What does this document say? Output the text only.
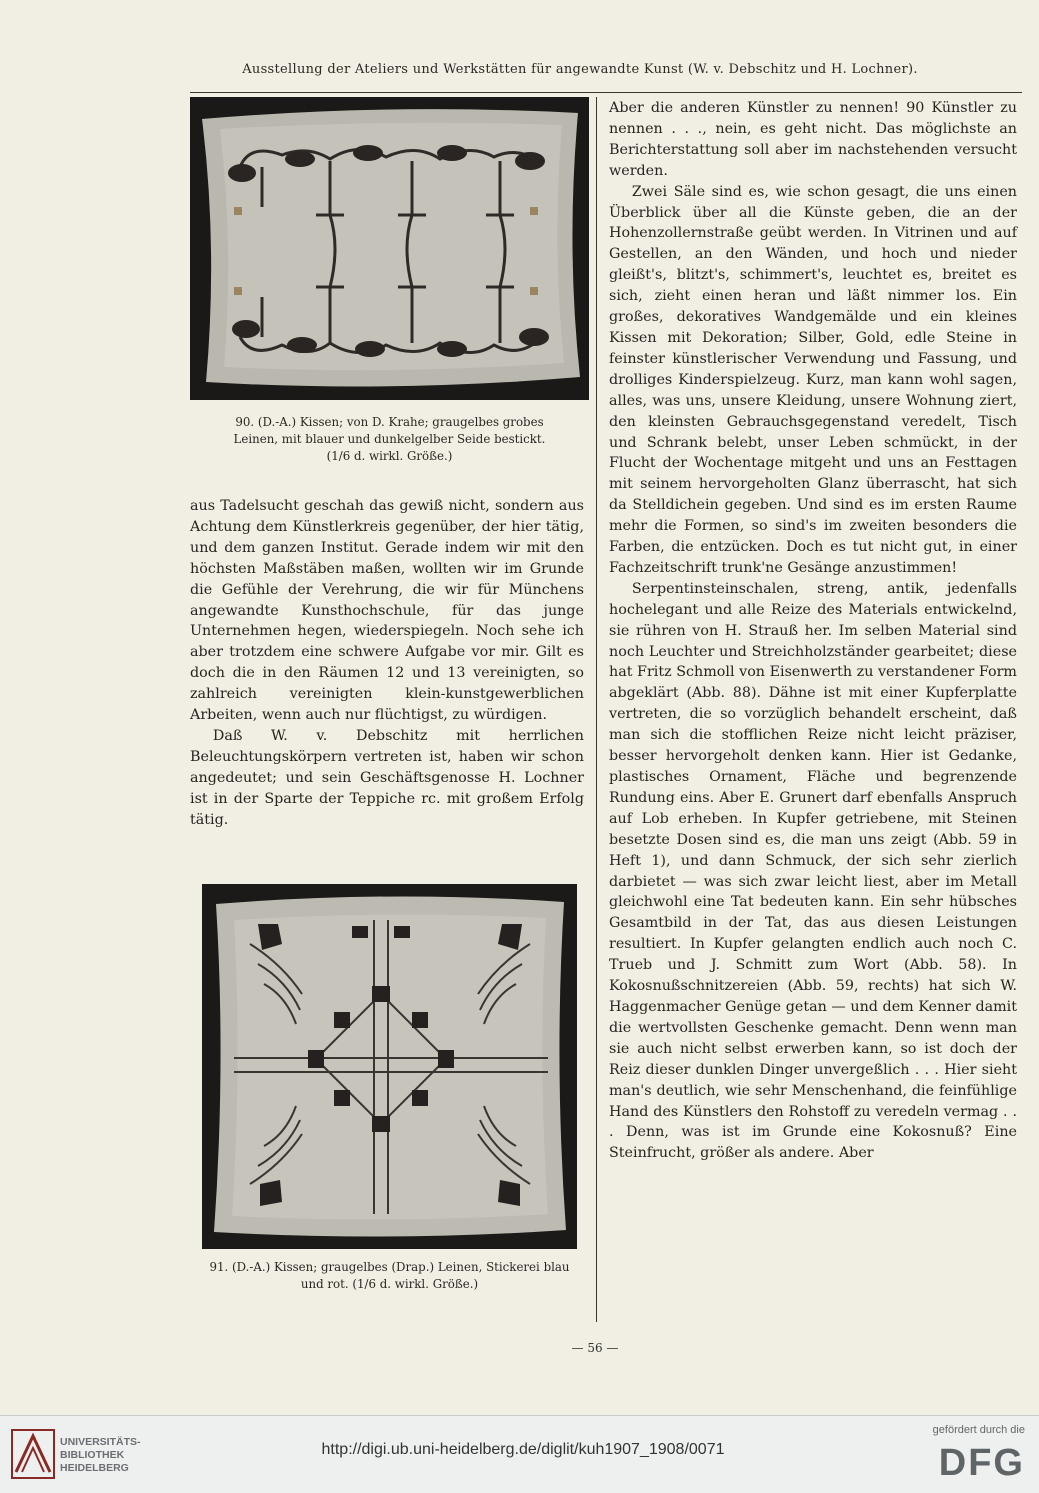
Ausstellung der Ateliers und Werkstätten für angewandte Kunst (W. v. Debschitz und H. Lochner).

90. (D.-A.) Kissen; von D. Krahe; graugelbes grobes

Leinen, mit blauer und dunkelgelber Seide bestickt.

(1/6 d. wirkl. Größe.)

aus Tadelsucht geschah das gewiß nicht, sondern aus Achtung dem Künstlerkreis gegenüber, der hier tätig, und dem ganzen Institut. Gerade indem wir mit den höchsten Maßstäben maßen, wollten wir im Grunde die Gefühle der Verehrung, die wir für Münchens angewandte Kunsthochschule, für das junge Unternehmen hegen, wiederspiegeln. Noch sehe ich aber trotzdem eine schwere Aufgabe vor mir. Gilt es doch die in den Räumen 12 und 13 vereinigten, so zahlreich vereinigten klein-kunstgewerblichen Arbeiten, wenn auch nur flüchtigst, zu würdigen.

Daß W. v. Debschitz mit herrlichen Beleuchtungskörpern vertreten ist, haben wir schon angedeutet; und sein Geschäftsgenosse H. Lochner ist in der Sparte der Teppiche rc. mit großem Erfolg tätig.

91. (D.-A.) Kissen; graugelbes (Drap.) Leinen, Stickerei blau

und rot. (1/6 d. wirkl. Größe.)

Aber die anderen Künstler zu nennen! 90 Künstler zu nennen . . ., nein, es geht nicht. Das möglichste an Berichterstattung soll aber im nachstehenden versucht werden.

Zwei Säle sind es, wie schon gesagt, die uns einen Überblick über all die Künste geben, die an der Hohenzollernstraße geübt werden. In Vitrinen und auf Gestellen, an den Wänden, und hoch und nieder gleißt's, blitzt's, schimmert's, leuchtet es, breitet es sich, zieht einen heran und läßt nimmer los. Ein großes, dekoratives Wandgemälde und ein kleines Kissen mit Dekoration; Silber, Gold, edle Steine in feinster künstlerischer Verwendung und Fassung, und drolliges Kinderspielzeug. Kurz, man kann wohl sagen, alles, was uns, unsere Kleidung, unsere Wohnung ziert, den kleinsten Gebrauchsgegenstand veredelt, Tisch und Schrank belebt, unser Leben schmückt, in der Flucht der Wochentage mitgeht und uns an Festtagen mit seinem hervorgeholten Glanz überrascht, hat sich da Stelldichein gegeben. Und sind es im ersten Raume mehr die Formen, so sind's im zweiten besonders die Farben, die entzücken. Doch es tut nicht gut, in einer Fachzeitschrift trunk'ne Gesänge anzustimmen!

Serpentinsteinschalen, streng, antik, jedenfalls hochelegant und alle Reize des Materials entwickelnd, sie rühren von H. Strauß her. Im selben Material sind noch Leuchter und Streichholzständer gearbeitet; diese hat Fritz Schmoll von Eisenwerth zu verstandener Form abgeklärt (Abb. 88). Dähne ist mit einer Kupferplatte vertreten, die so vorzüglich behandelt erscheint, daß man sich die stofflichen Reize nicht leicht präziser, besser hervorgeholt denken kann. Hier ist Gedanke, plastisches Ornament, Fläche und begrenzende Rundung eins. Aber E. Grunert darf ebenfalls Anspruch auf Lob erheben. In Kupfer getriebene, mit Steinen besetzte Dosen sind es, die man uns zeigt (Abb. 59 in Heft 1), und dann Schmuck, der sich sehr zierlich darbietet — was sich zwar leicht liest, aber im Metall gleichwohl eine Tat bedeuten kann. Ein sehr hübsches Gesamtbild in der Tat, das aus diesen Leistungen resultiert. In Kupfer gelangten endlich auch noch C. Trueb und J. Schmitt zum Wort (Abb. 58). In Kokosnußschnitzereien (Abb. 59, rechts) hat sich W. Haggenmacher Genüge getan — und dem Kenner damit die wertvollsten Geschenke gemacht. Denn wenn man sie auch nicht selbst erwerben kann, so ist doch der Reiz dieser dunklen Dinger unvergeßlich . . . Hier sieht man's deutlich, wie sehr Menschenhand, die feinfühlige Hand des Künstlers den Rohstoff zu veredeln vermag . . . Denn, was ist im Grunde eine Kokosnuß? Eine Steinfrucht, größer als andere. Aber

— 56 —
UNIVERSITÄTS-
BIBLIOTHEK
HEIDELBERG
http://digi.ub.uni-heidelberg.de/diglit/kuh1907_1908/0071
gefördert durch die
DFG
